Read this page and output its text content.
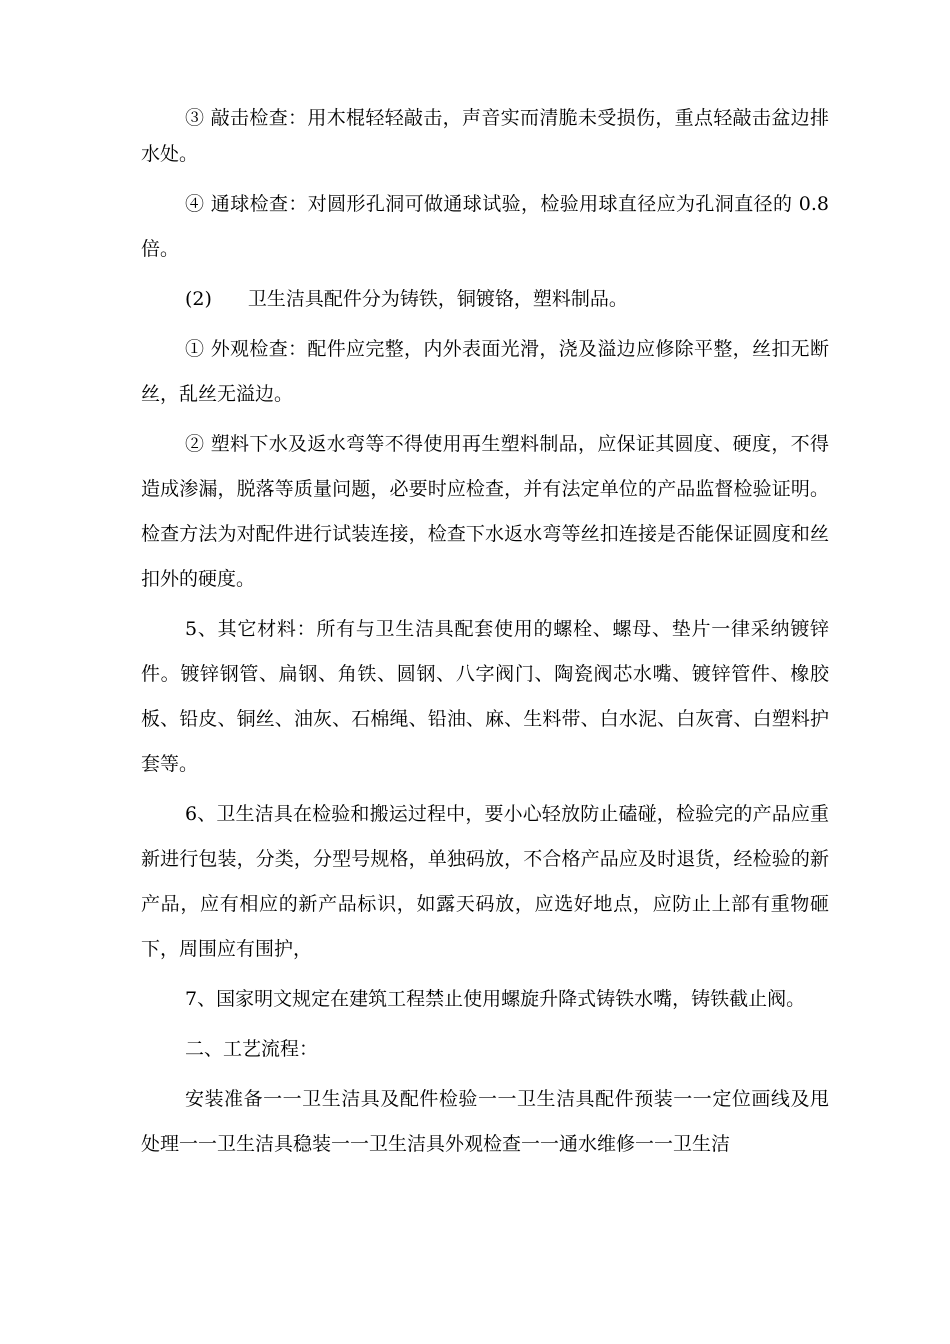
③ 敲击检查：用木棍轻轻敲击，声音实而清脆未受损伤，重点轻敲击盆边排水处。

④ 通球检查：对圆形孔洞可做通球试验，检验用球直径应为孔洞直径的 0.8 倍。

(2) 卫生洁具配件分为铸铁，铜镀铬，塑料制品。

① 外观检查：配件应完整，内外表面光滑，浇及溢边应修除平整，丝扣无断丝，乱丝无溢边。

② 塑料下水及返水弯等不得使用再生塑料制品，应保证其圆度、硬度，不得造成渗漏，脱落等质量问题，必要时应检查，并有法定单位的产品监督检验证明。检查方法为对配件进行试装连接，检查下水返水弯等丝扣连接是否能保证圆度和丝扣外的硬度。

5、其它材料：所有与卫生洁具配套使用的螺栓、螺母、垫片一律采纳镀锌件。镀锌钢管、扁钢、角铁、圆钢、八字阀门、陶瓷阀芯水嘴、镀锌管件、橡胶板、铅皮、铜丝、油灰、石棉绳、铅油、麻、生料带、白水泥、白灰膏、白塑料护套等。

6、卫生洁具在检验和搬运过程中，要小心轻放防止磕碰，检验完的产品应重新进行包装，分类，分型号规格，单独码放，不合格产品应及时退货，经检验的新产品，应有相应的新产品标识，如露天码放，应选好地点，应防止上部有重物砸下，周围应有围护，

7、国家明文规定在建筑工程禁止使用螺旋升降式铸铁水嘴，铸铁截止阀。

二、工艺流程：

安装准备一一卫生洁具及配件检验一一卫生洁具配件预装一一定位画线及甩处理一一卫生洁具稳装一一卫生洁具外观检查一一通水维修一一卫生洁
